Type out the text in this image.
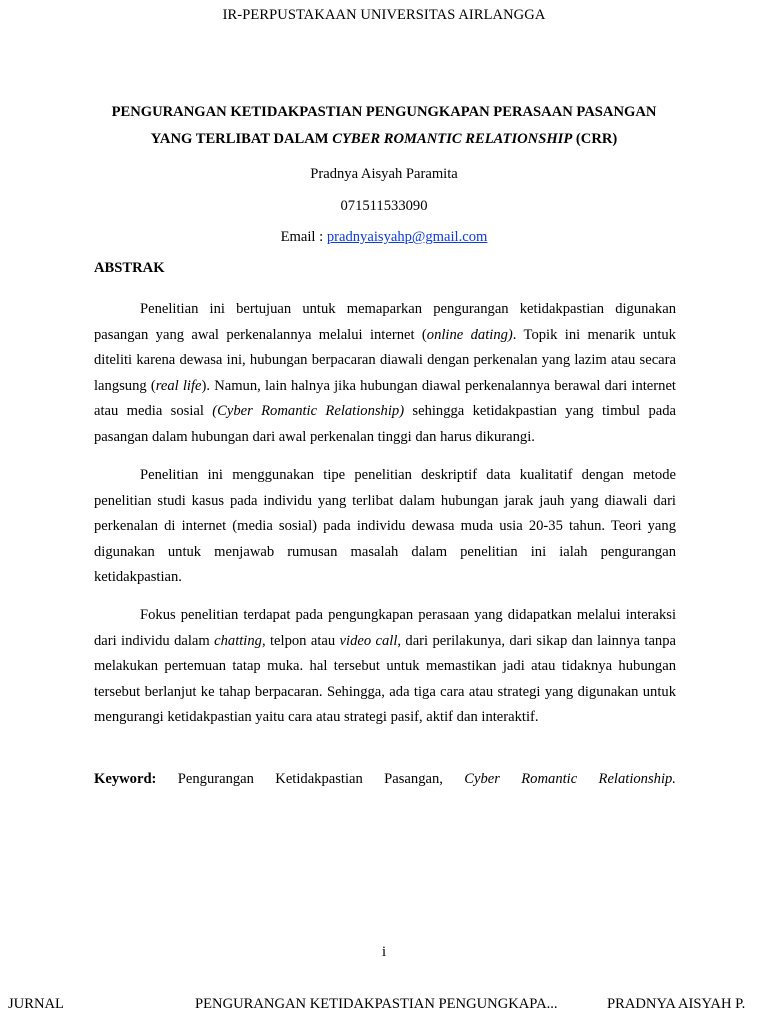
IR-PERPUSTAKAAN UNIVERSITAS AIRLANGGA
PENGURANGAN KETIDAKPASTIAN PENGUNGKAPAN PERASAAN PASANGAN
YANG TERLIBAT DALAM CYBER ROMANTIC RELATIONSHIP (CRR)
Pradnya Aisyah Paramita
071511533090
Email : pradnyaisyahp@gmail.com
ABSTRAK

Penelitian ini bertujuan untuk memaparkan pengurangan ketidakpastian digunakan pasangan yang awal perkenalannya melalui internet (online dating). Topik ini menarik untuk diteliti karena dewasa ini, hubungan berpacaran diawali dengan perkenalan yang lazim atau secara langsung (real life). Namun, lain halnya jika hubungan diawal perkenalannya berawal dari internet atau media sosial (Cyber Romantic Relationship) sehingga ketidakpastian yang timbul pada pasangan dalam hubungan dari awal perkenalan tinggi dan harus dikurangi.

Penelitian ini menggunakan tipe penelitian deskriptif data kualitatif dengan metode penelitian studi kasus pada individu yang terlibat dalam hubungan jarak jauh yang diawali dari perkenalan di internet (media sosial) pada individu dewasa muda usia 20-35 tahun. Teori yang digunakan untuk menjawab rumusan masalah dalam penelitian ini ialah pengurangan ketidakpastian.

Fokus penelitian terdapat pada pengungkapan perasaan yang didapatkan melalui interaksi dari individu dalam chatting, telpon atau video call, dari perilakunya, dari sikap dan lainnya tanpa melakukan pertemuan tatap muka. hal tersebut untuk memastikan jadi atau tidaknya hubungan tersebut berlanjut ke tahap berpacaran. Sehingga, ada tiga cara atau strategi yang digunakan untuk mengurangi ketidakpastian yaitu cara atau strategi pasif, aktif dan interaktif.

Keyword: Pengurangan Ketidakpastian Pasangan, Cyber Romantic Relationship.
i
JURNAL	PENGURANGAN KETIDAKPASTIAN PENGUNGKAPA...	PRADNYA AISYAH P.
